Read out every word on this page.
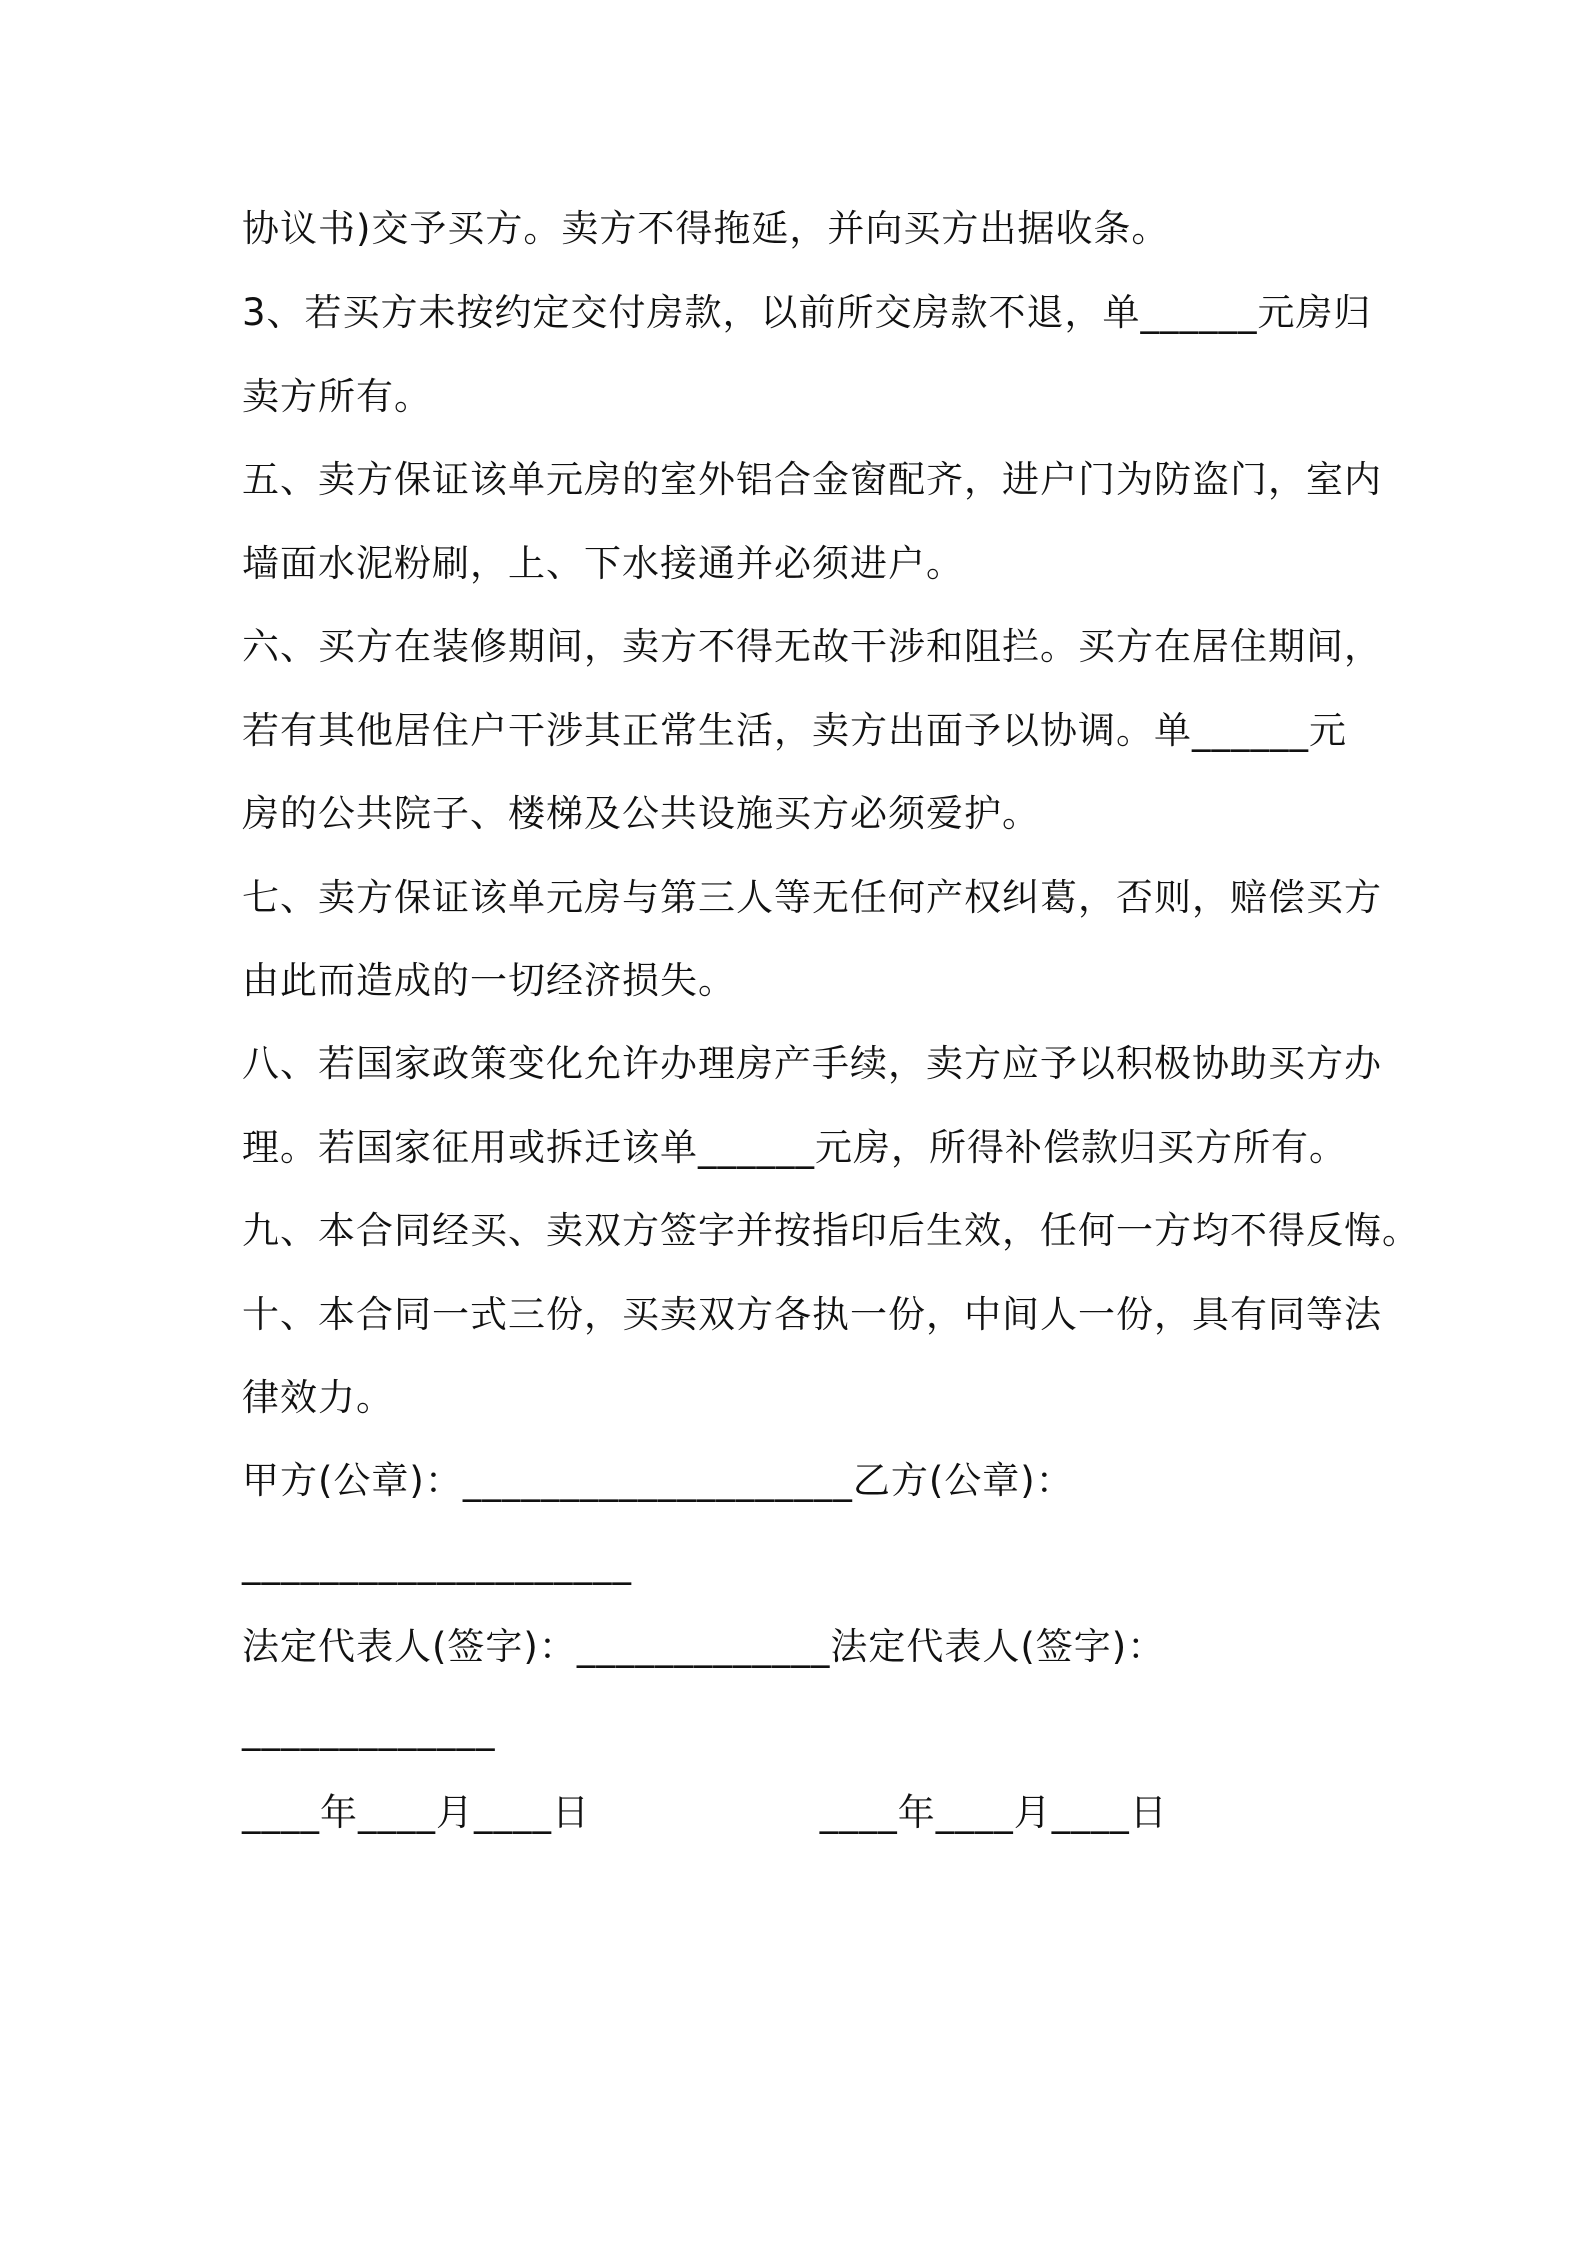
协议书)交予买方。卖方不得拖延，并向买方出据收条。
3、若买方未按约定交付房款，以前所交房款不退，单______元房归
卖方所有。
五、卖方保证该单元房的室外铝合金窗配齐，进户门为防盗门，室内
墙面水泥粉刷，上、下水接通并必须进户。
六、买方在装修期间，卖方不得无故干涉和阻拦。买方在居住期间，
若有其他居住户干涉其正常生活，卖方出面予以协调。单______元
房的公共院子、楼梯及公共设施买方必须爱护。
七、卖方保证该单元房与第三人等无任何产权纠葛，否则，赔偿买方
由此而造成的一切经济损失。
八、若国家政策变化允许办理房产手续，卖方应予以积极协助买方办
理。若国家征用或拆迁该单______元房，所得补偿款归买方所有。
九、本合同经买、卖双方签字并按指印后生效，任何一方均不得反悔。
十、本合同一式三份，买卖双方各执一份，中间人一份，具有同等法
律效力。
甲方(公章)：____________________乙方(公章)：
____________________
法定代表人(签字)：_____________法定代表人(签字)：
_____________
____年____月____日                  ____年____月____日
